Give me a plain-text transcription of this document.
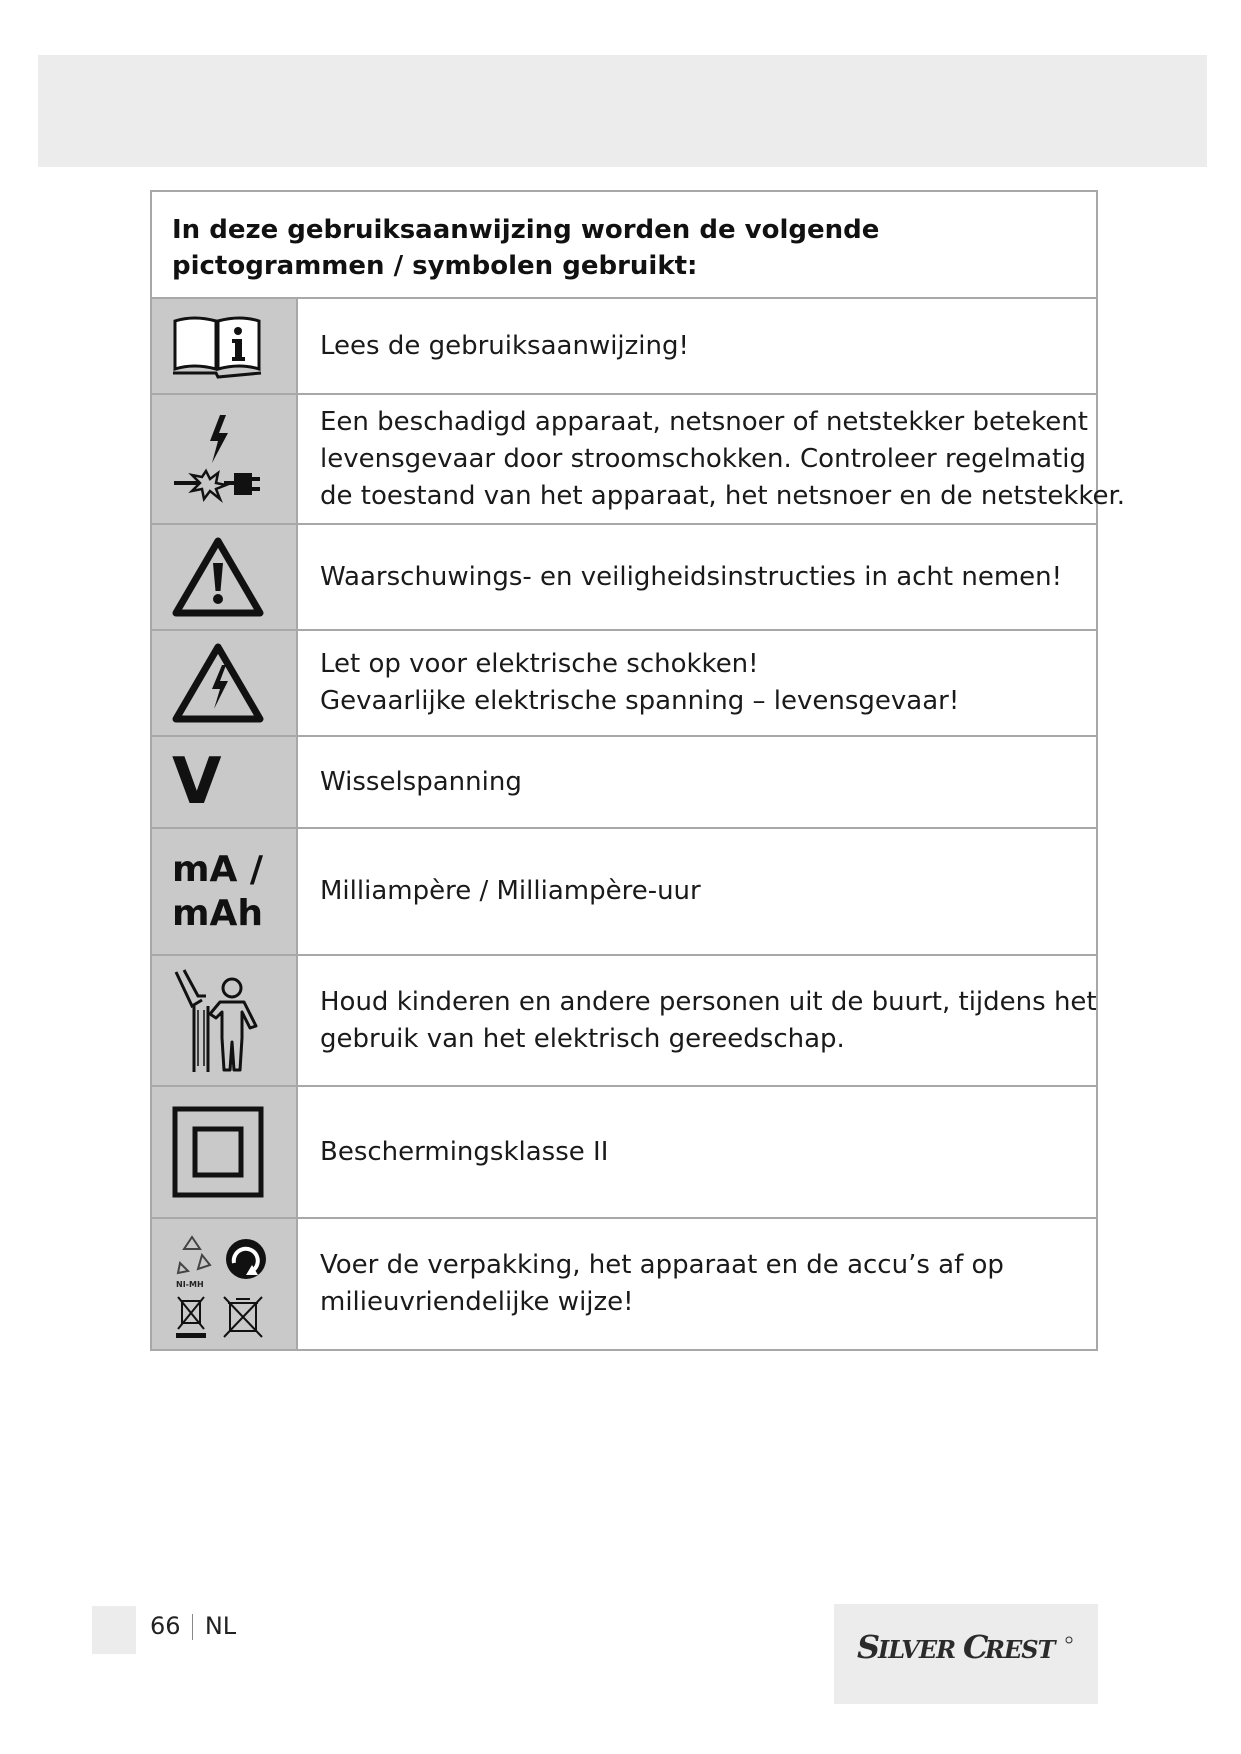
In deze gebruiksaanwijzing worden de volgende
pictogrammen / symbolen gebruikt:
Lees de gebruiksaanwijzing!
Een beschadigd apparaat, netsnoer of netstekker betekent
levensgevaar door stroomschokken. Controleer regelmatig
de toestand van het apparaat, het netsnoer en de netstekker.
Waarschuwings- en veiligheidsinstructies in acht nemen!
Let op voor elektrische schokken!
Gevaarlijke elektrische spanning – levensgevaar!
V	Wisselspanning
mA /
mAh
Milliampère / Milliampère-uur
Houd kinderen en andere personen uit de buurt, tijdens het
gebruik van het elektrisch gereedschap.
Beschermingsklasse II
NI-MH
Voer de verpakking, het apparaat en de accu’s af op
milieuvriendelijke wijze!
66 NL
S
ILVER C
REST
